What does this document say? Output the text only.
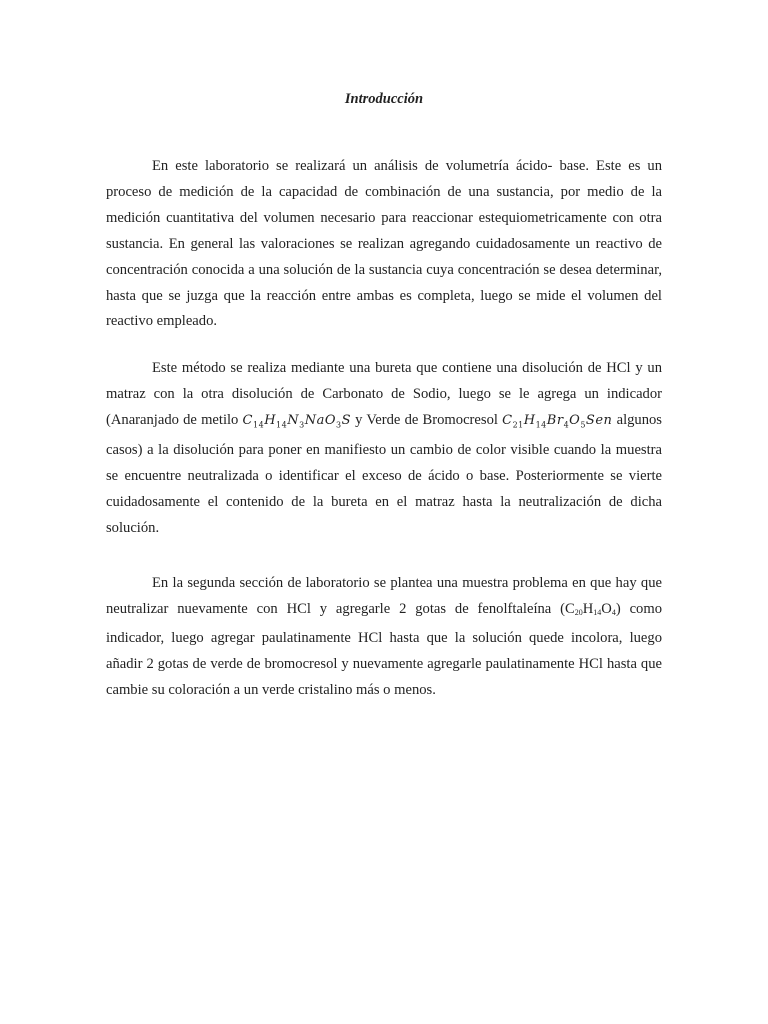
Introducción

En este laboratorio se realizará un análisis de volumetría ácido- base. Este es un proceso de medición de la capacidad de combinación de una sustancia, por medio de la medición cuantitativa del volumen necesario para reaccionar estequiometricamente con otra sustancia. En general las valoraciones se realizan agregando cuidadosamente un reactivo de concentración conocida a una solución de la sustancia cuya concentración se desea determinar, hasta que se juzga que la reacción entre ambas es completa, luego se mide el volumen del reactivo empleado.

Este método se realiza mediante una bureta que contiene una disolución de HCl y un matraz con la otra disolución de Carbonato de Sodio, luego se le agrega un indicador (Anaranjado de metilo $C_{14}H_{14}N_3NaO_3S$ y Verde de Bromocresol $C_{21}H_{14}Br_4O_5Sen$ algunos casos) a la disolución para poner en manifiesto un cambio de color visible cuando la muestra se encuentre neutralizada o identificar el exceso de ácido o base. Posteriormente se vierte cuidadosamente el contenido de la bureta en el matraz hasta la neutralización de dicha solución.

En la segunda sección de laboratorio se plantea una muestra problema en que hay que neutralizar nuevamente con HCl y agregarle 2 gotas de fenolftaleína $(C_{20}H_{14}O_4)$ como indicador, luego agregar paulatinamente HCl hasta que la solución quede incolora, luego añadir 2 gotas de verde de bromocresol y nuevamente agregarle paulatinamente HCl hasta que cambie su coloración a un verde cristalino más o menos.
